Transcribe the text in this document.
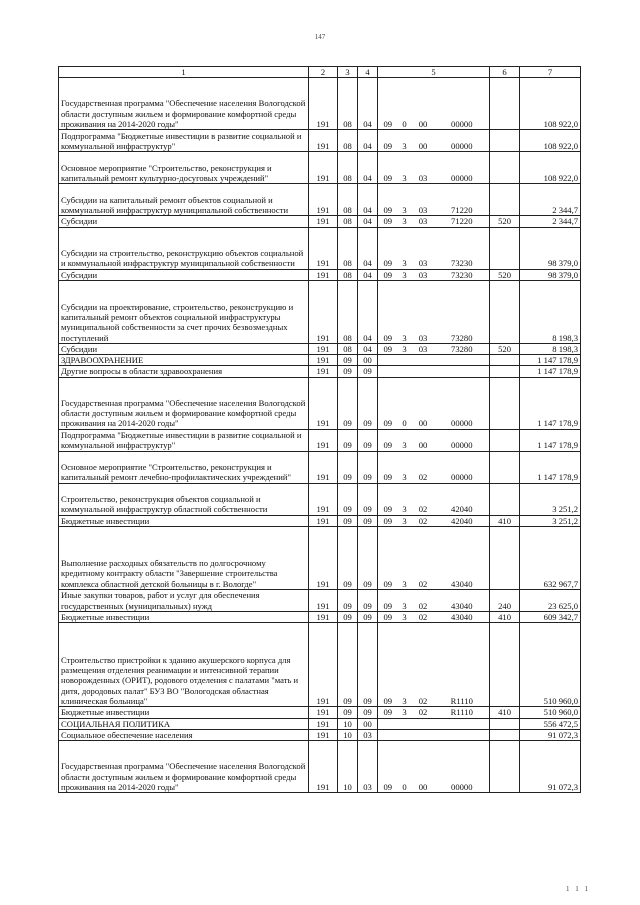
147
1	2	3	4	5				6	7
Государственная программа "Обеспечение населения Вологодской области доступным жильем и формирование комфортной среды проживания на 2014-2020 годы"	191	08	04	09	0	00	00000		108 922,0
Подпрограмма "Бюджетные инвестиции в развитие социальной и коммунальной инфраструктур"	191	08	04	09	3	00	00000		108 922,0
Основное мероприятие "Строительство, реконструкция и капитальный ремонт культурно-досуговых учреждений"	191	08	04	09	3	03	00000		108 922,0
Субсидии на капитальный ремонт объектов социальной и коммунальной инфраструктур муниципальной собственности	191	08	04	09	3	03	71220		2 344,7
Субсидии	191	08	04	09	3	03	71220	520	2 344,7
Субсидии на строительство, реконструкцию объектов социальной и коммунальной инфраструктур муниципальной собственности	191	08	04	09	3	03	73230		98 379,0
Субсидии	191	08	04	09	3	03	73230	520	98 379,0
Субсидии на проектирование, строительство, реконструкцию и капитальный ремонт объектов социальной инфраструктуры муниципальной собственности за счет прочих безвозмездных поступлений	191	08	04	09	3	03	73280		8 198,3
Субсидии	191	08	04	09	3	03	73280	520	8 198,3
ЗДРАВООХРАНЕНИЕ	191	09	00						1 147 178,9
Другие вопросы в области здравоохранения	191	09	09						1 147 178,9
Государственная программа "Обеспечение населения Вологодской области доступным жильем и формирование комфортной среды проживания на 2014-2020 годы"	191	09	09	09	0	00	00000		1 147 178,9
Подпрограмма "Бюджетные инвестиции в развитие социальной и коммунальной инфраструктур"	191	09	09	09	3	00	00000		1 147 178,9
Основное мероприятие "Строительство, реконструкция и капитальный ремонт лечебно-профилактических учреждений"	191	09	09	09	3	02	00000		1 147 178,9
Строительство, реконструкция объектов социальной и коммунальной инфраструктур областной собственности	191	09	09	09	3	02	42040		3 251,2
Бюджетные инвестиции	191	09	09	09	3	02	42040	410	3 251,2
Выполнение расходных обязательств по долгосрочному кредитному контракту области "Завершение строительства комплекса областной детской больницы в г. Вологде"	191	09	09	09	3	02	43040		632 967,7
Иные закупки товаров, работ и услуг для обеспечения государственных (муниципальных) нужд	191	09	09	09	3	02	43040	240	23 625,0
Бюджетные инвестиции	191	09	09	09	3	02	43040	410	609 342,7
Строительство пристройки к зданию акушерского корпуса для размещения отделения реанимации и интенсивной терапии новорожденных (ОРИТ), родового отделения с палатами "мать и дитя, дородовых палат" БУЗ ВО "Вологодская областная клиническая больница"	191	09	09	09	3	02	R1110		510 960,0
Бюджетные инвестиции	191	09	09	09	3	02	R1110	410	510 960,0
СОЦИАЛЬНАЯ ПОЛИТИКА	191	10	00						556 472,5
Социальное обеспечение населения	191	10	03						91 072,3
Государственная программа "Обеспечение населения Вологодской области доступным жильем и формирование комфортной среды проживания на 2014-2020 годы"	191	10	03	09	0	00	00000		91 072,3
1 1 1
